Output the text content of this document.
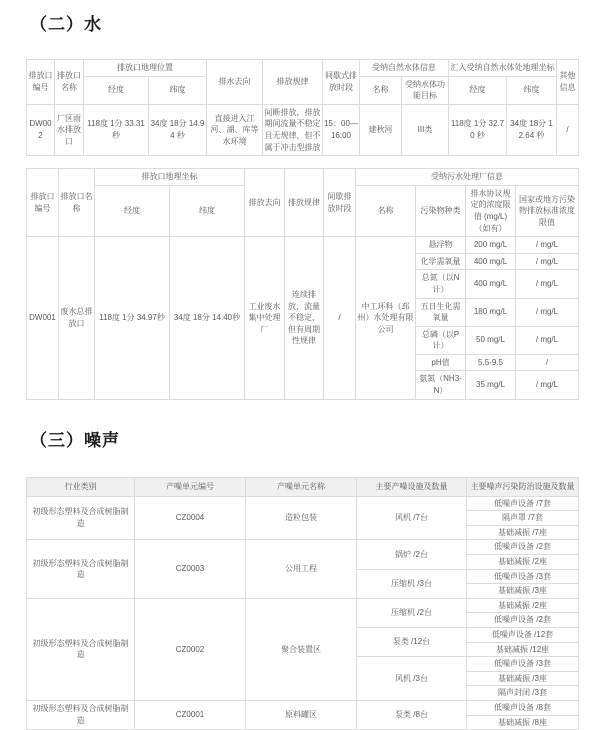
（二）水
排放口编号	排放口名称	排放口地理位置		排水去向	排放规律	间歇式排放时段	受纳自然水体信息		汇入受纳自然水体处地理坐标		其他信息
		经度	纬度				名称	受纳水体功能目标	经度	纬度	
DW002	厂区雨水排放口	118度 1分 33.31 秒	34度 18分 14.94 秒	直接进入江河、湖、库等水环境	间断排放，排放期间流量不稳定且无规律，但不属于冲击型排放	15：00—16:00	建秋河	III类	118度 1分 32.70 秒	34度 18分 12.64 秒	/
排放口编号	排放口名称	排放口地理坐标		排放去向	排放规律	间歇排放时段	受纳污水处理厂信息			
		经度	纬度				名称	污染物种类	排水协议规定的浓度限值 (mg/L)（如有）	国家或地方污染物排放标准浓度限值
DW001	废水总排放口	118度 1分 34.97秒	34度 18分 14.40秒	工业废水集中处理厂	连续排放，流量不稳定，但有周期性规律	/	中工环科（邳州）水处理有限公司	悬浮物	200 mg/L	/ mg/L
								化学需氧量	400 mg/L	/ mg/L
								总氮（以N计）	400 mg/L	/ mg/L
								五日生化需氧量	180 mg/L	/ mg/L
								总磷（以P计）	50 mg/L	/ mg/L
								pH值	5.5-9.5	/
								氨氮（NH3-N）	35 mg/L	/ mg/L
（三）噪声
行业类别	产噪单元编号	产噪单元名称	主要产噪设施及数量	主要噪声污染防治设施及数量
初级形态塑料及合成树脂制造	CZ0004	造粒包装	风机 /7台	低噪声设备 /7套
				隔声罩 /7套
				基础减振 /7座
初级形态塑料及合成树脂制造	CZ0003	公用工程	锅炉 /2台	低噪声设备 /2套
				基础减振 /2座
			压缩机 /3台	低噪声设备 /3套
				基础减振 /3座
初级形态塑料及合成树脂制造	CZ0002	聚合装置区	压缩机 /2台	基础减振 /2座
				低噪声设备 /2套
			泵类 /12台	低噪声设备 /12套
				基础减振 /12座
			风机 /3台	低噪声设备 /3套
				基础减振 /3座
				隔声封闭 /3套
初级形态塑料及合成树脂制造	CZ0001	原料罐区	泵类 /8台	低噪声设备 /8套
				基础减振 /8座
